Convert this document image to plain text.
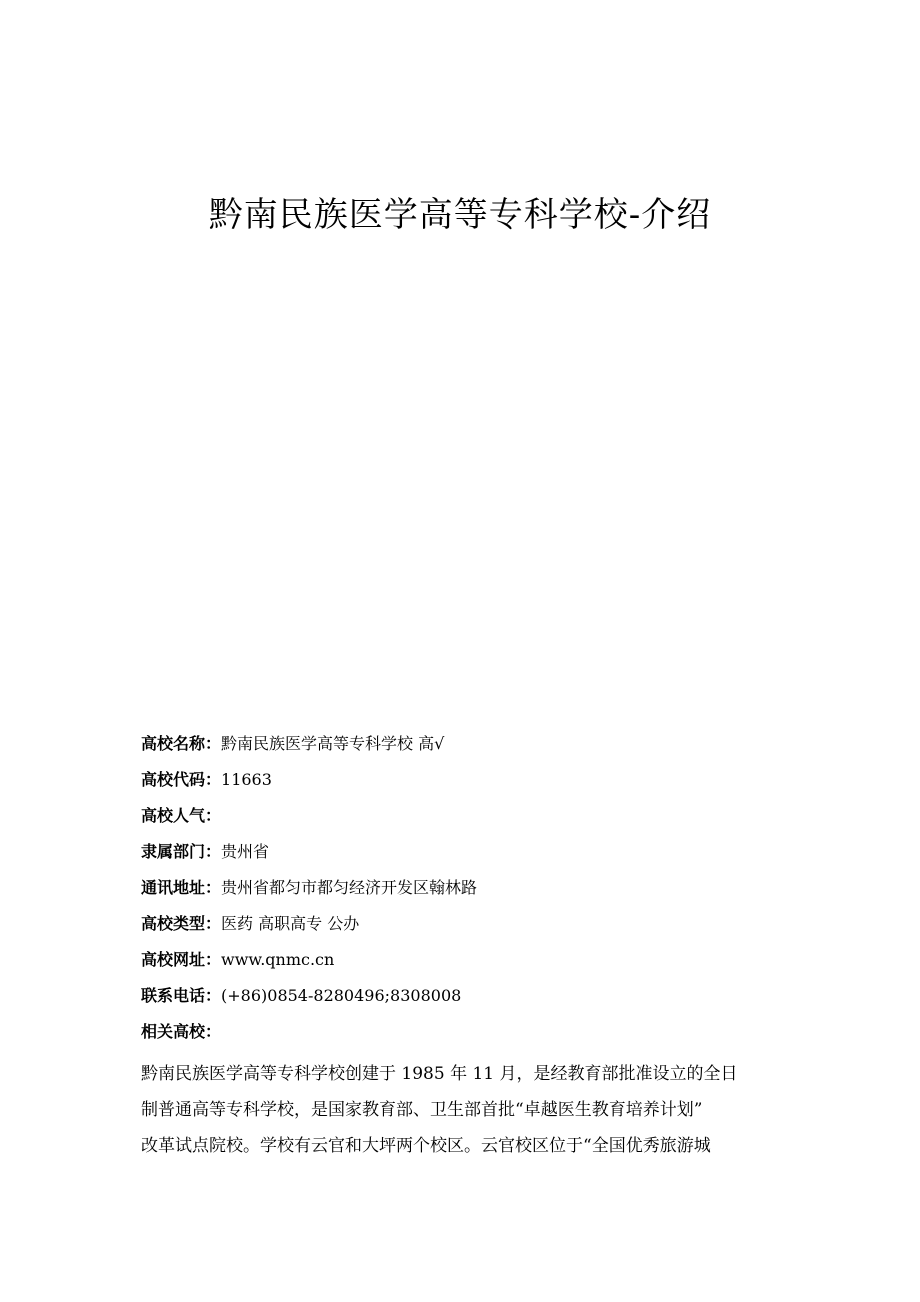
黔南民族医学高等专科学校-介绍
高校名称：黔南民族医学高等专科学校 高√
高校代码：11663
高校人气：
隶属部门：贵州省
通讯地址：贵州省都匀市都匀经济开发区翰林路
高校类型：医药 高职高专 公办
高校网址：www.qnmc.cn
联系电话：(+86)0854-8280496;8308008
相关高校：
黔南民族医学高等专科学校创建于 1985 年 11 月，是经教育部批准设立的全日
制普通高等专科学校，是国家教育部、卫生部首批“卓越医生教育培养计划”
改革试点院校。学校有云官和大坪两个校区。云官校区位于“全国优秀旅游城
